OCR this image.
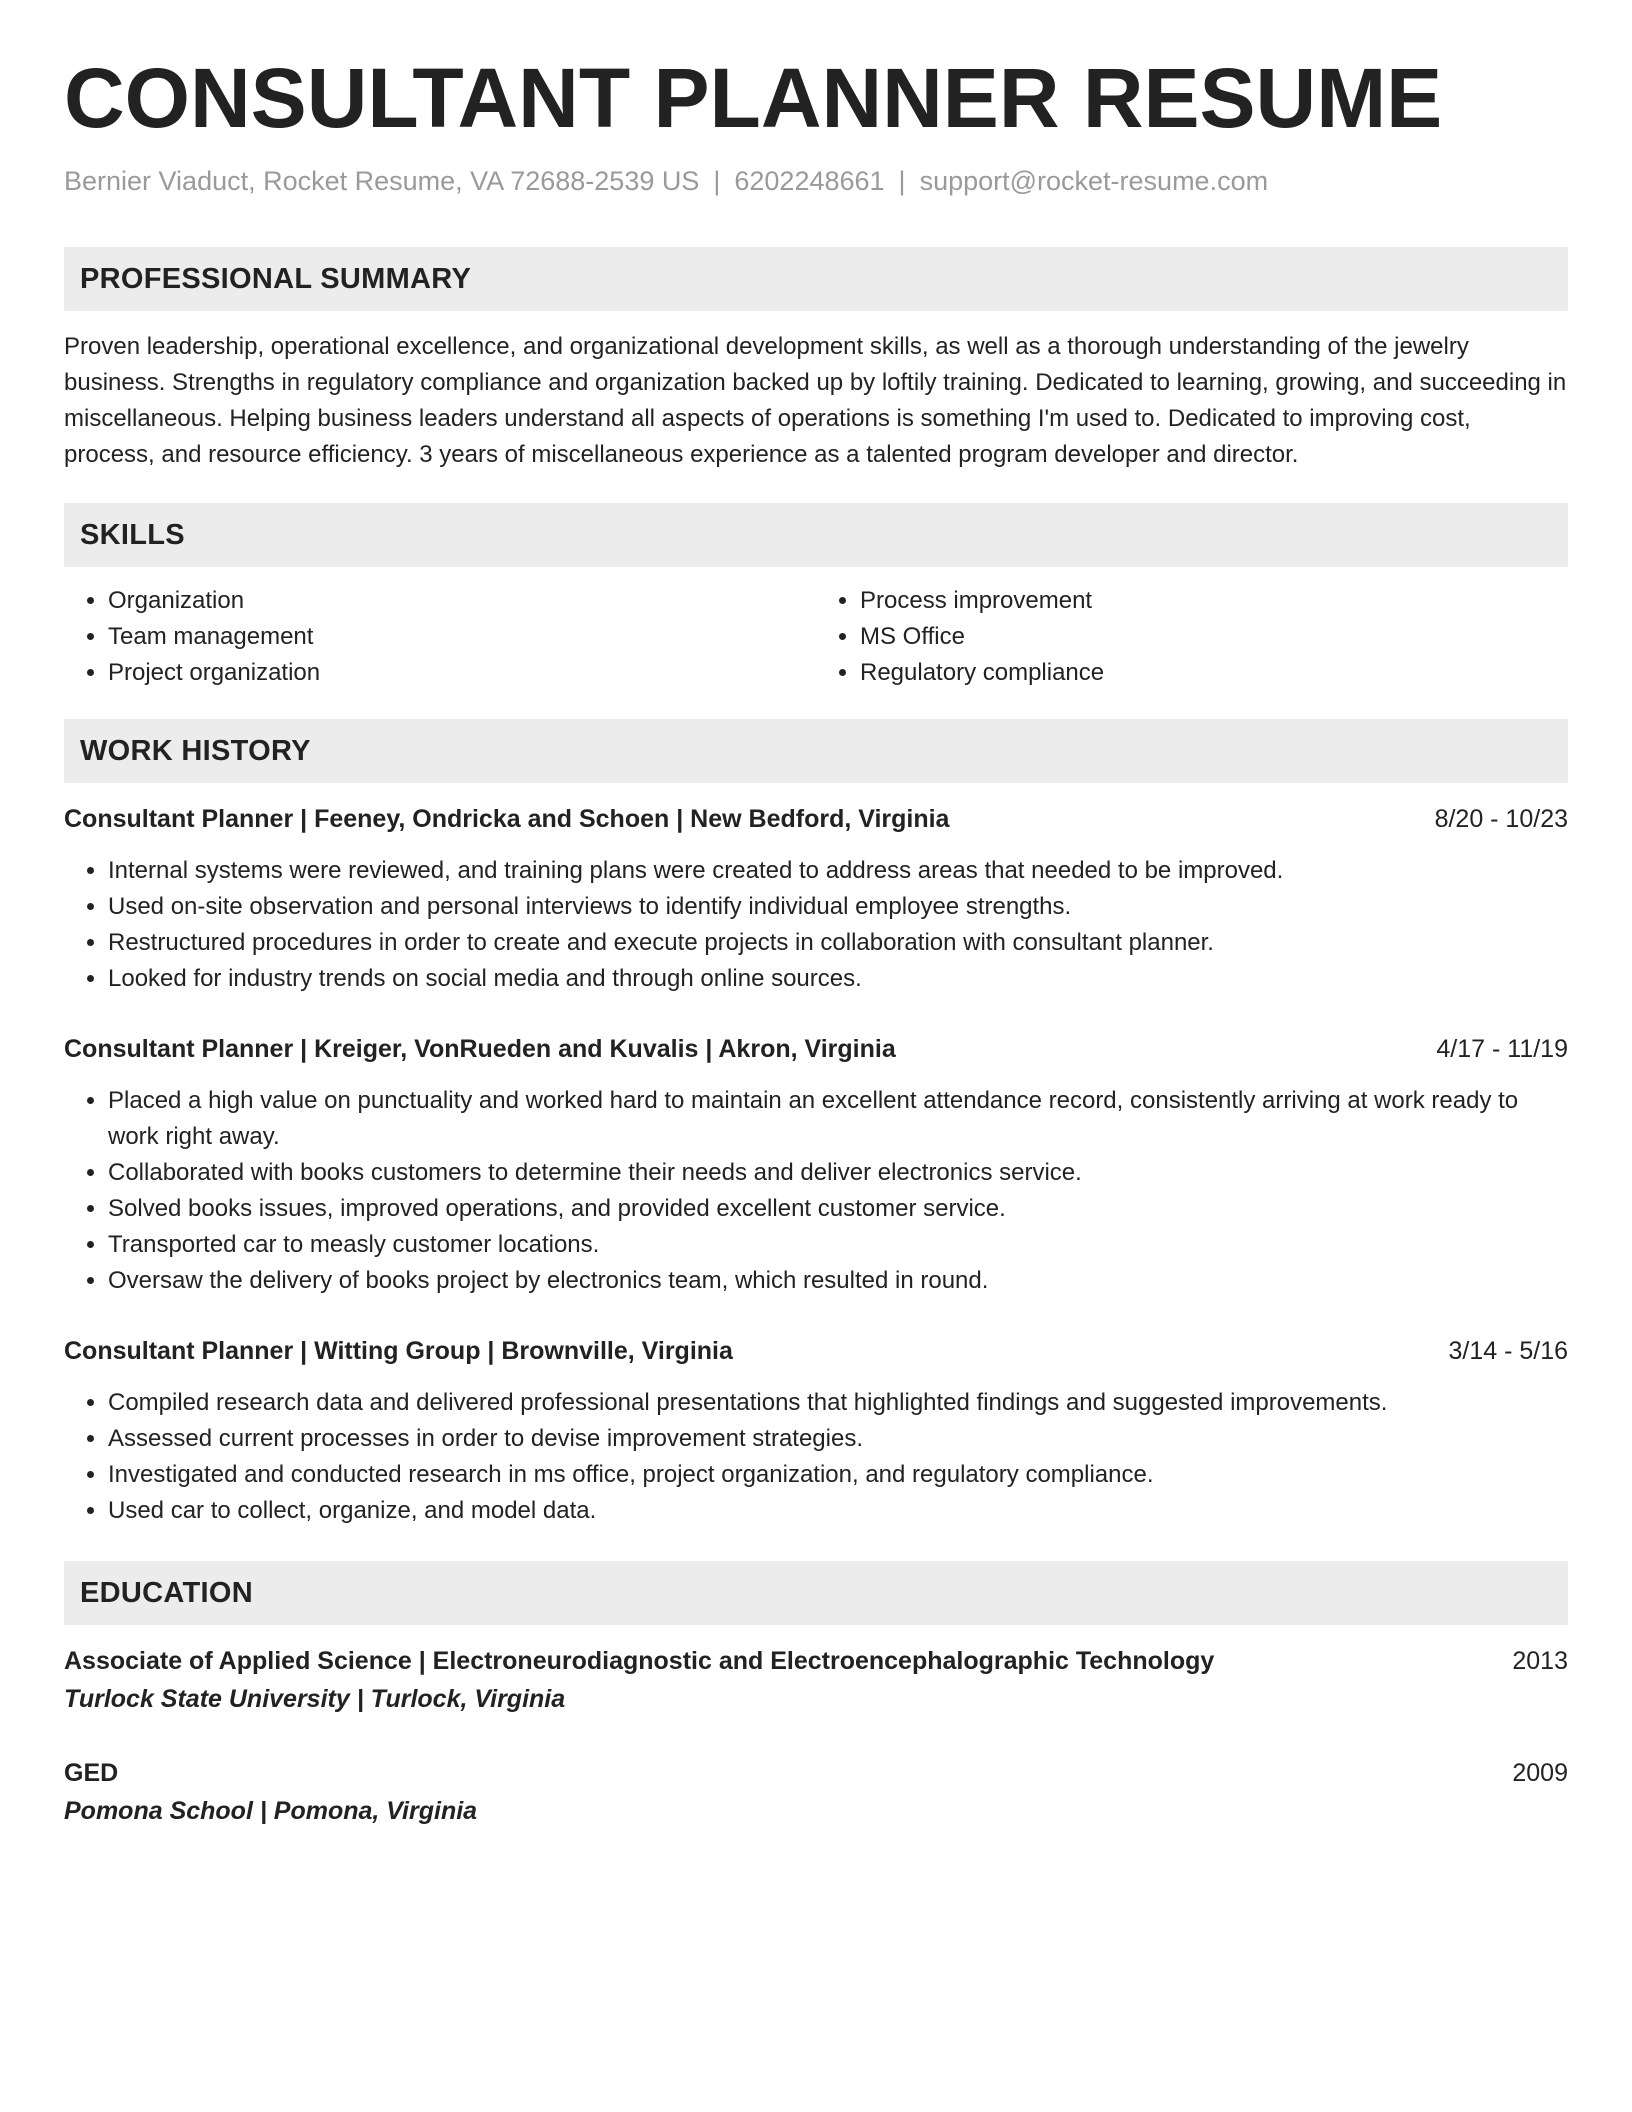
CONSULTANT PLANNER RESUME
Bernier Viaduct, Rocket Resume, VA 72688-2539 US | 6202248661 | support@rocket-resume.com
PROFESSIONAL SUMMARY
Proven leadership, operational excellence, and organizational development skills, as well as a thorough understanding of the jewelry business. Strengths in regulatory compliance and organization backed up by loftily training. Dedicated to learning, growing, and succeeding in miscellaneous. Helping business leaders understand all aspects of operations is something I'm used to. Dedicated to improving cost, process, and resource efficiency. 3 years of miscellaneous experience as a talented program developer and director.
SKILLS
• Organization
• Team management
• Project organization
• Process improvement
• MS Office
• Regulatory compliance
WORK HISTORY
Consultant Planner | Feeney, Ondricka and Schoen | New Bedford, Virginia	8/20 - 10/23
• Internal systems were reviewed, and training plans were created to address areas that needed to be improved.
• Used on-site observation and personal interviews to identify individual employee strengths.
• Restructured procedures in order to create and execute projects in collaboration with consultant planner.
• Looked for industry trends on social media and through online sources.
Consultant Planner | Kreiger, VonRueden and Kuvalis | Akron, Virginia	4/17 - 11/19
• Placed a high value on punctuality and worked hard to maintain an excellent attendance record, consistently arriving at work ready to work right away.
• Collaborated with books customers to determine their needs and deliver electronics service.
• Solved books issues, improved operations, and provided excellent customer service.
• Transported car to measly customer locations.
• Oversaw the delivery of books project by electronics team, which resulted in round.
Consultant Planner | Witting Group | Brownville, Virginia	3/14 - 5/16
• Compiled research data and delivered professional presentations that highlighted findings and suggested improvements.
• Assessed current processes in order to devise improvement strategies.
• Investigated and conducted research in ms office, project organization, and regulatory compliance.
• Used car to collect, organize, and model data.
EDUCATION
Associate of Applied Science | Electroneurodiagnostic and Electroencephalographic Technology	2013
Turlock State University | Turlock, Virginia
GED	2009
Pomona School | Pomona, Virginia
